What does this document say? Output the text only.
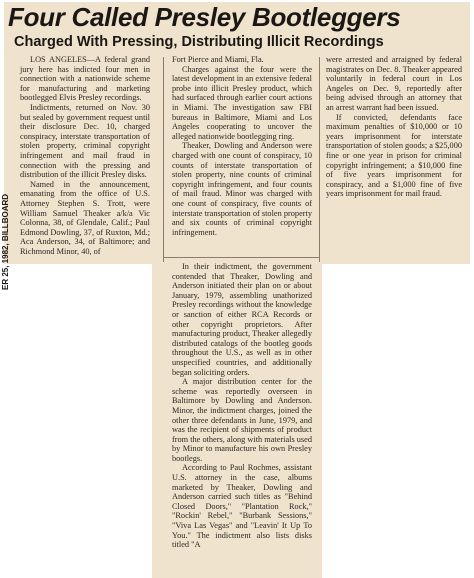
Four Called Presley Bootleggers
Charged With Pressing, Distributing Illicit Recordings
ER 25, 1982, BILLBOARD

LOS ANGELES—A federal grand jury here has indicted four men in connection with a nationwide scheme for manufacturing and marketing bootlegged Elvis Presley recordings.

Indictments, returned on Nov. 30 but sealed by government request until their disclosure Dec. 10, charged conspiracy, interstate transportation of stolen property, criminal copyright infringement and mail fraud in connection with the pressing and distribution of the illicit Presley disks.

Named in the announcement, emanating from the office of U.S. Attorney Stephen S. Trott, were William Samuel Theaker a/k/a Vic Colonna, 38, of Glendale, Calif.; Paul Edmond Dowling, 37, of Ruxton, Md.; Aca Anderson, 34, of Baltimore; and Richmond Minor, 40, of

Fort Pierce and Miami, Fla.

Charges against the four were the latest development in an extensive federal probe into illicit Presley product, which had surfaced through earlier court actions in Miami. The investigation saw FBI bureaus in Baltimore, Miami and Los Angeles cooperating to uncover the alleged nationwide bootlegging ring.

Theaker, Dowling and Anderson were charged with one count of conspiracy, 10 counts of interstate transportation of stolen property, nine counts of criminal copyright infringement, and four counts of mail fraud. Minor was charged with one count of conspiracy, five counts of interstate transportation of stolen property and six counts of criminal copyright infringement.

were arrested and arraigned by federal magistrates on Dec. 8. Theaker appeared voluntarily in federal court in Los Angeles on Dec. 9, reportedly after being advised through an attorney that an arrest warrant had been issued.

If convicted, defendants face maximum penalties of $10,000 or 10 years imprisonment for interstate transportation of stolen goods; a $25,000 fine or one year in prison for criminal copyright infringement; a $10,000 fine of five years imprisonment for conspiracy, and a $1,000 fine of five years imprisonment for mail fraud.

In their indictment, the government contended that Theaker, Dowling and Anderson initiated their plan on or about January, 1979, assembling unathorized Presley recordings without the knowledge or sanction of either RCA Records or other copyright proprietors. After manufacturing product, Theaker allegedly distributed catalogs of the bootleg goods throughout the U.S., as well as in other unspecified countries, and additionally began soliciting orders.

A major distribution center for the scheme was reportedly overseen in Baltimore by Dowling and Anderson. Minor, the indictment charges, joined the other three defendants in June, 1979, and was the recipient of shipments of product from the others, along with materials used by Minor to manufacture his own Presley bootlegs.

According to Paul Rochmes, assistant U.S. attorney in the case, albums marketed by Theaker, Dowling and Anderson carried such titles as "Behind Closed Doors," "Plantation Rock," "Rockin' Rebel," "Burbank Sessions," "Viva Las Vegas" and "Leavin' It Up To You." The indictment also lists disks titled "A
